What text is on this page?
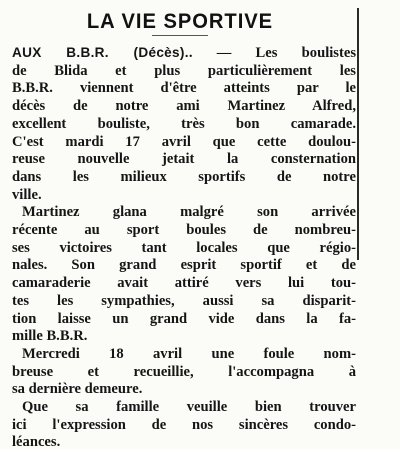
LA VIE SPORTIVE
AUX B.B.R. (Décès).. — Les boulistes
de Blida et plus particulièrement les
B.B.R. viennent d'être atteints par le
décès de notre ami Martinez Alfred,
excellent bouliste, très bon camarade.
C'est mardi 17 avril que cette doulou-
reuse nouvelle jetait la consternation
dans les milieux sportifs de notre
ville.
Martinez glana malgré son arrivée
récente au sport boules de nombreu-
ses victoires tant locales que régio-
nales. Son grand esprit sportif et de
camaraderie avait attiré vers lui tou-
tes les sympathies, aussi sa disparit-
tion laisse un grand vide dans la fa-
mille B.B.R.
Mercredi 18 avril une foule nom-
breuse et recueillie, l'accompagna à
sa dernière demeure.
Que sa famille veuille bien trouver
ici l'expression de nos sincères condo-
léances.
